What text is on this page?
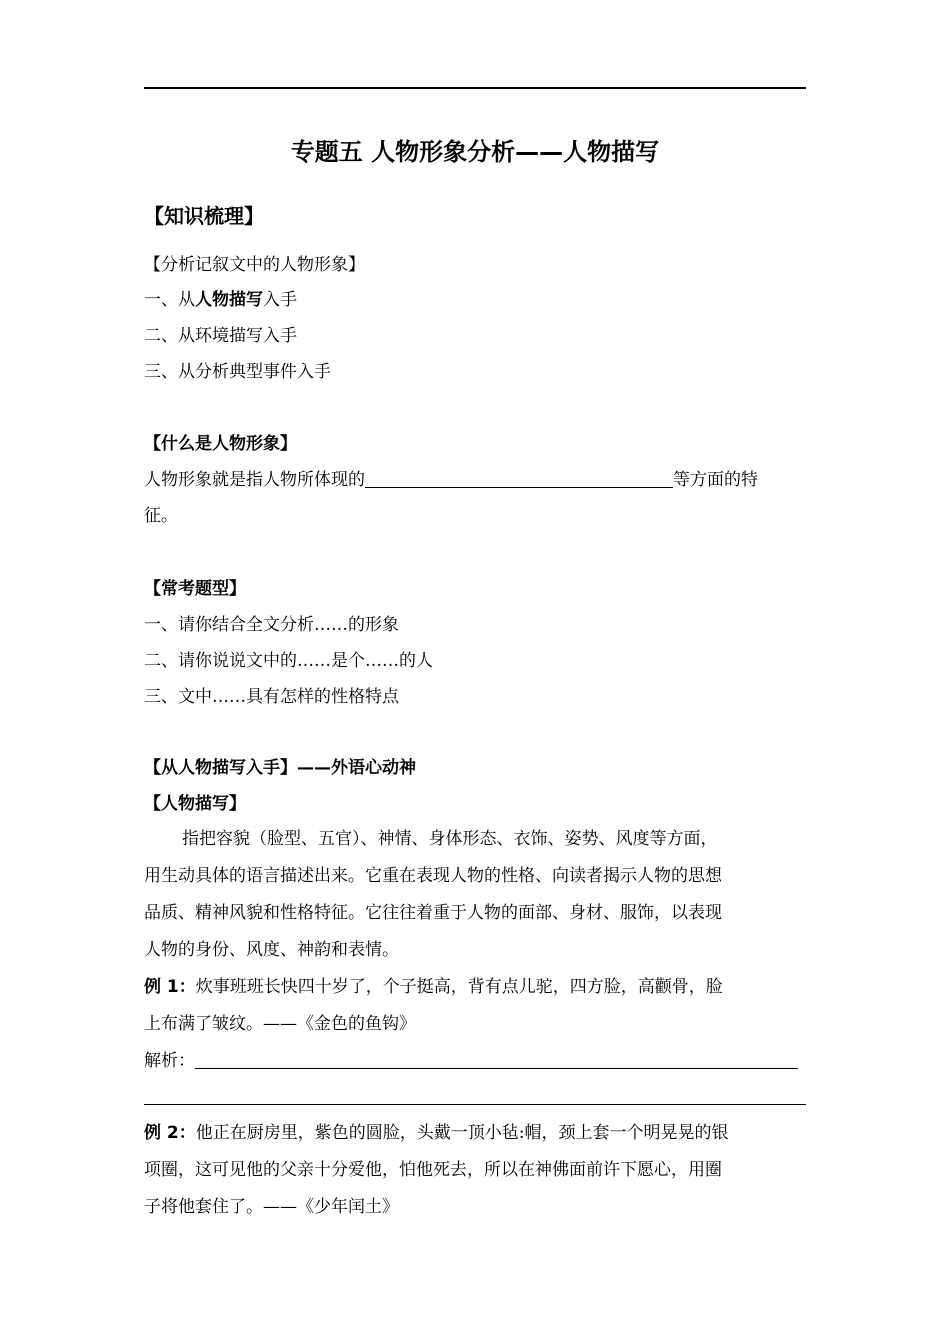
专题五 人物形象分析——人物描写
【知识梳理】
【分析记叙文中的人物形象】
一、从人物描写入手
二、从环境描写入手
三、从分析典型事件入手
【什么是人物形象】
人物形象就是指人物所体现的	等方面的特
征。
【常考题型】
一、请你结合全文分析……的形象
二、请你说说文中的……是个……的人
三、文中……具有怎样的性格特点
【从人物描写入手】——外语心动神
【人物描写】
指把容貌（脸型、五官）、神情、身体形态、衣饰、姿势、风度等方面，
用生动具体的语言描述出来。它重在表现人物的性格、向读者揭示人物的思想
品质、精神风貌和性格特征。它往往着重于人物的面部、身材、服饰，以表现
人物的身份、风度、神韵和表情。
例 1：炊事班班长快四十岁了，个子挺高，背有点儿驼，四方脸，高颧骨，脸
上布满了皱纹。——《金色的鱼钩》
解析：
例 2：他正在厨房里，紫色的圆脸，头戴一顶小毡:帽，颈上套一个明晃晃的银
项圈，这可见他的父亲十分爱他，怕他死去，所以在神佛面前许下愿心，用圈
子将他套住了。——《少年闰土》
